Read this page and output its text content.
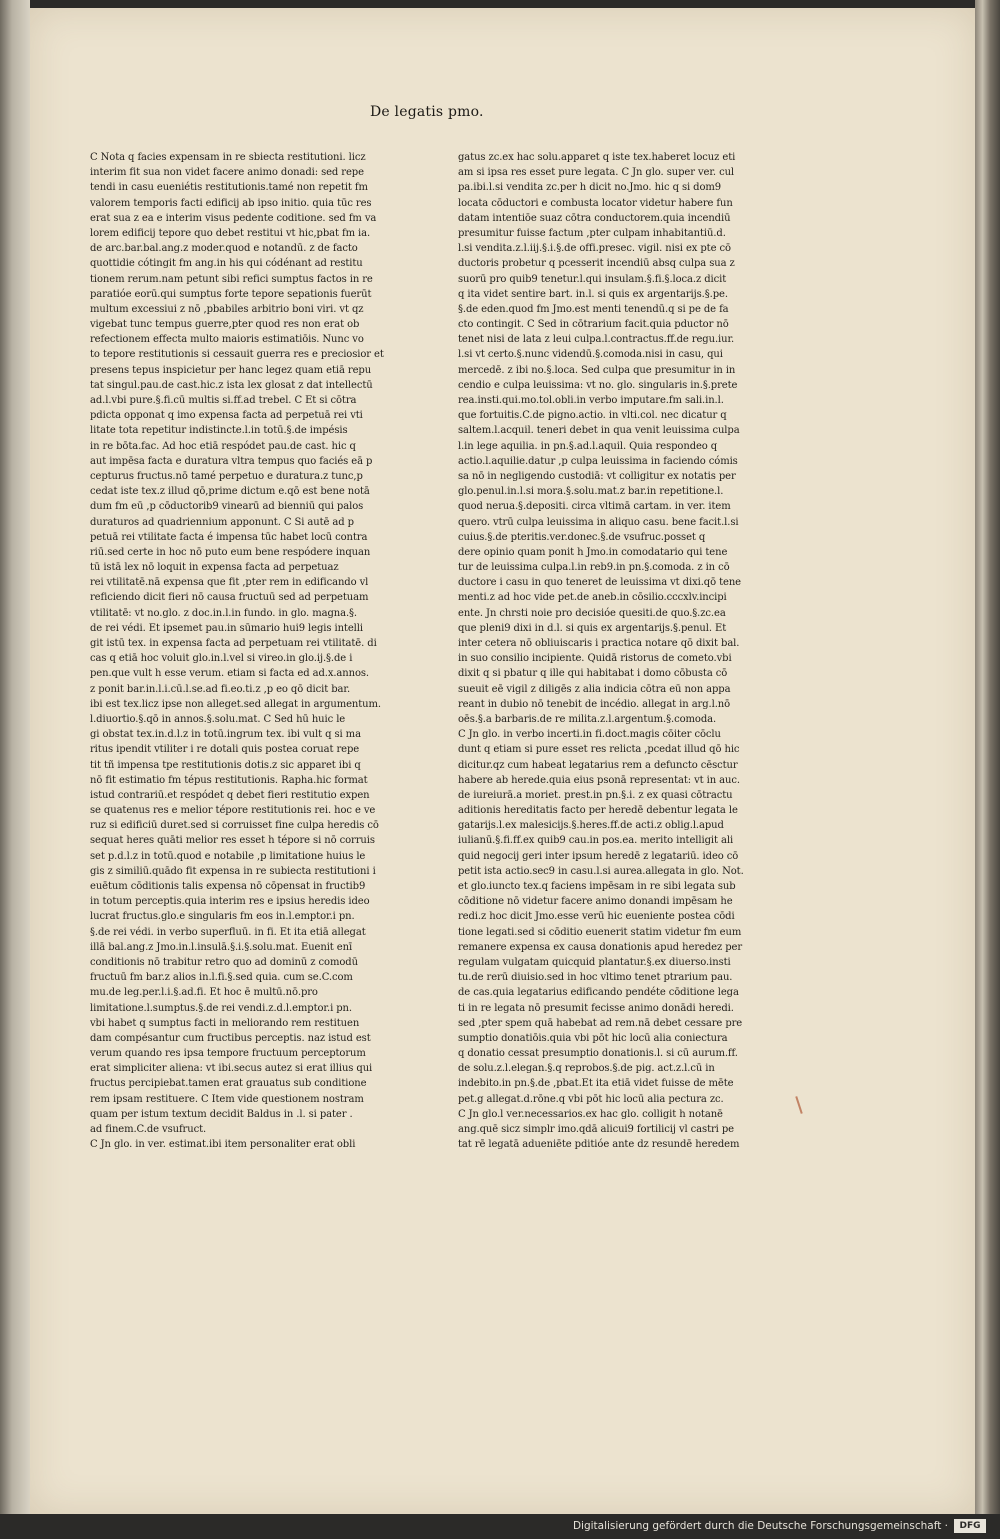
De legatis pmo.
C Nota q facies expensam in re sbiecta restitutioni. licz
interim fit sua non videt facere animo donadi: sed repe
tendi in casu eueniétis restitutionis.tamé non repetit fm
valorem temporis facti edificij ab ipso initio. quia tūc res
erat sua z ea e interim visus pedente coditione. sed fm va
lorem edificij tepore quo debet restitui vt hic,pbat fm ia.
de arc.bar.bal.ang.z moder.quod e notandū. z de facto
quottidie cótingit fm ang.in his qui códénant ad restitu
tionem rerum.nam petunt sibi refici sumptus factos in re
paratióe eorū.qui sumptus forte tepore sepationis fuerūt
multum excessiui z nō ,pbabiles arbitrio boni viri. vt qz
vigebat tunc tempus guerre,pter quod res non erat ob
refectionem effecta multo maioris estimatiōis. Nunc vo
to tepore restitutionis si cessauit guerra res e preciosior et
presens tepus inspicietur per hanc legez quam etiā repu
tat singul.pau.de cast.hic.z ista lex glosat z dat intellectū
ad.l.vbi pure.§.fi.cū multis si.ff.ad trebel. C Et si cōtra
pdicta opponat q imo expensa facta ad perpetuā rei vti
litate tota repetitur indistincte.l.in totū.§.de impésis
in re bōta.fac. Ad hoc etiā respódet pau.de cast. hic q
aut impēsa facta e duratura vltra tempus quo faciés eā p
cepturus fructus.nō tamé perpetuo e duratura.z tunc,p
cedat iste tex.z illud qō,prime dictum e.qō est bene notā
dum fm eū ,p cōductorib9 vinearū ad bienniū qui palos
duraturos ad quadriennium apponunt. C Si autē ad p
petuā rei vtilitate facta é impensa tūc habet locū contra
riū.sed certe in hoc nō puto eum bene respódere inquan
tū istā lex nō loquit in expensa facta ad perpetuaz
rei vtilitatē.nā expensa que fit ,pter rem in edificando vl
reficiendo dicit fieri nō causa fructuū sed ad perpetuam
vtilitatē: vt no.glo. z doc.in.l.in fundo. in glo. magna.§.
de rei védi. Et ipsemet pau.in sūmario hui9 legis intelli
git istū tex. in expensa facta ad perpetuam rei vtilitatē. di
cas q etiā hoc voluit glo.in.l.vel si vireo.in glo.ij.§.de i
pen.que vult h esse verum. etiam si facta ed ad.x.annos.
z ponit bar.in.l.i.cū.l.se.ad fi.eo.ti.z ,p eo qō dicit bar.
ibi est tex.licz ipse non alleget.sed allegat in argumentum.
l.diuortio.§.qō in annos.§.solu.mat. C Sed hū huic le
gi obstat tex.in.d.l.z in totū.ingrum tex. ibi vult q si ma
ritus ipendit vtiliter i re dotali quis postea coruat repe
tit tñ impensa tpe restitutionis dotis.z sic apparet ibi q
nō fit estimatio fm tépus restitutionis. Rapha.hic format
istud contrariū.et respódet q debet fieri restitutio expen
se quatenus res e melior tépore restitutionis rei. hoc e ve
ruz si edificiū duret.sed si corruisset fine culpa heredis cō
sequat heres quāti melior res esset h tépore si nō corruis
set p.d.l.z in totū.quod e notabile ,p limitatione huius le
gis z similiū.quādo fit expensa in re subiecta restitutioni i
euētum cōditionis talis expensa nō cōpensat in fructib9
in totum perceptis.quia interim res e ipsius heredis ideo
lucrat fructus.glo.e singularis fm eos in.l.emptor.i pn.
§.de rei védi. in verbo superfluū. in fi. Et ita etiā allegat
illā bal.ang.z Jmo.in.l.insulā.§.i.§.solu.mat. Euenit enī
conditionis nō trabitur retro quo ad dominū z comodū
fructuū fm bar.z alios in.l.fi.§.sed quia. cum se.C.com
mu.de leg.per.l.i.§.ad.fi. Et hoc ē multū.nō.pro
limitatione.l.sumptus.§.de rei vendi.z.d.l.emptor.i pn.
vbi habet q sumptus facti in meliorando rem restituen
dam compésantur cum fructibus perceptis. naz istud est
verum quando res ipsa tempore fructuum perceptorum
erat simpliciter aliena: vt ibi.secus autez si erat illius qui
fructus percipiebat.tamen erat grauatus sub conditione
rem ipsam restituere. C Item vide questionem nostram
quam per istum textum decidit Baldus in .l. si pater .
ad finem.C.de vsufruct.
C Jn glo. in ver. estimat.ibi item personaliter erat obli
gatus zc.ex hac solu.apparet q iste tex.haberet locuz eti
am si ipsa res esset pure legata. C Jn glo. super ver. cul
pa.ibi.l.si vendita zc.per h dicit no.Jmo. hic q si dom9
locata cōductori e combusta locator videtur habere fun
datam intentiōe suaz cōtra conductorem.quia incendiū
presumitur fuisse factum ,pter culpam inhabitantiū.d.
l.si vendita.z.l.iij.§.i.§.de offi.presec. vigil. nisi ex pte cō
ductoris probetur q pcesserit incendiū absq culpa sua z
suorū pro quib9 tenetur.l.qui insulam.§.fi.§.loca.z dicit
q ita videt sentire bart. in.l. si quis ex argentarijs.§.pe.
§.de eden.quod fm Jmo.est menti tenendū.q si pe de fa
cto contingit. C Sed in cōtrarium facit.quia pductor nō
tenet nisi de lata z leui culpa.l.contractus.ff.de regu.iur.
l.si vt certo.§.nunc videndū.§.comoda.nisi in casu, qui
mercedē. z ibi no.§.loca. Sed culpa que presumitur in in
cendio e culpa leuissima: vt no. glo. singularis in.§.prete
rea.insti.qui.mo.tol.obli.in verbo imputare.fm sali.in.l.
que fortuitis.C.de pigno.actio. in vlti.col. nec dicatur q
saltem.l.acquil. teneri debet in qua venit leuissima culpa
l.in lege aquilia. in pn.§.ad.l.aquil. Quia respondeo q
actio.l.aquilie.datur ,p culpa leuissima in faciendo cómis
sa nō in negligendo custodiā: vt colligitur ex notatis per
glo.penul.in.l.si mora.§.solu.mat.z bar.in repetitione.l.
quod nerua.§.depositi. circa vltimā cartam. in ver. item
quero. vtrū culpa leuissima in aliquo casu. bene facit.l.si
cuius.§.de pteritis.ver.donec.§.de vsufruc.posset q
dere opinio quam ponit h Jmo.in comodatario qui tene
tur de leuissima culpa.l.in reb9.in pn.§.comoda. z in cō
ductore i casu in quo teneret de leuissima vt dixi.qō tene
menti.z ad hoc vide pet.de aneb.in cōsilio.cccxlv.incipi
ente. Jn chrsti noie pro decisióe quesiti.de quo.§.zc.ea
que pleni9 dixi in d.l. si quis ex argentarijs.§.penul. Et
inter cetera nō obliuiscaris i practica notare qō dixit bal.
in suo consilio incipiente. Quidā ristorus de cometo.vbi
dixit q si pbatur q ille qui habitabat i domo cōbusta cō
sueuit eē vigil z diligēs z alia indicia cōtra eū non appa
reant in dubio nō tenebit de incédio. allegat in arg.l.nō
oēs.§.a barbaris.de re milita.z.l.argentum.§.comoda.
C Jn glo. in verbo incerti.in fi.doct.magis cōiter cōclu
dunt q etiam si pure esset res relicta ,pcedat illud qō hic
dicitur.qz cum habeat legatarius rem a defuncto cēsctur
habere ab herede.quia eius psonā representat: vt in auc.
de iureiurā.a moriet. prest.in pn.§.i. z ex quasi cōtractu
aditionis hereditatis facto per heredē debentur legata le
gatarijs.l.ex malesicijs.§.heres.ff.de acti.z oblig.l.apud
iulianū.§.fi.ff.ex quib9 cau.in pos.ea. merito intelligit ali
quid negocij geri inter ipsum heredē z legatariū. ideo cō
petit ista actio.sec9 in casu.l.si aurea.allegata in glo. Not.
et glo.iuncto tex.q faciens impēsam in re sibi legata sub
cōditione nō videtur facere animo donandi impēsam he
redi.z hoc dicit Jmo.esse verū hic eueniente postea cōdi
tione legati.sed si cōditio euenerit statim videtur fm eum
remanere expensa ex causa donationis apud heredez per
regulam vulgatam quicquid plantatur.§.ex diuerso.insti
tu.de rerū diuisio.sed in hoc vltimo tenet ptrarium pau.
de cas.quia legatarius edificando pendéte cōditione lega
ti in re legata nō presumit fecisse animo donādi heredi.
sed ,pter spem quā habebat ad rem.nā debet cessare pre
sumptio donatiōis.quia vbi pōt hic locū alia coniectura
q donatio cessat presumptio donationis.l. si cū aurum.ff.
de solu.z.l.elegan.§.q reprobos.§.de pig. act.z.l.cū in
indebito.in pn.§.de ,pbat.Et ita etiā videt fuisse de mēte
pet.g allegat.d.rōne.q vbi pōt hic locū alia pectura zc.
C Jn glo.l ver.necessarios.ex hac glo. colligit h notanē
ang.quē sicz simplr imo.qdā alicui9 fortilicij vl castri pe
tat rē legatā adueniēte pditióe ante dz resundē heredem
Digitalisierung gefördert durch die Deutsche Forschungsgemeinschaft ·	DFG
